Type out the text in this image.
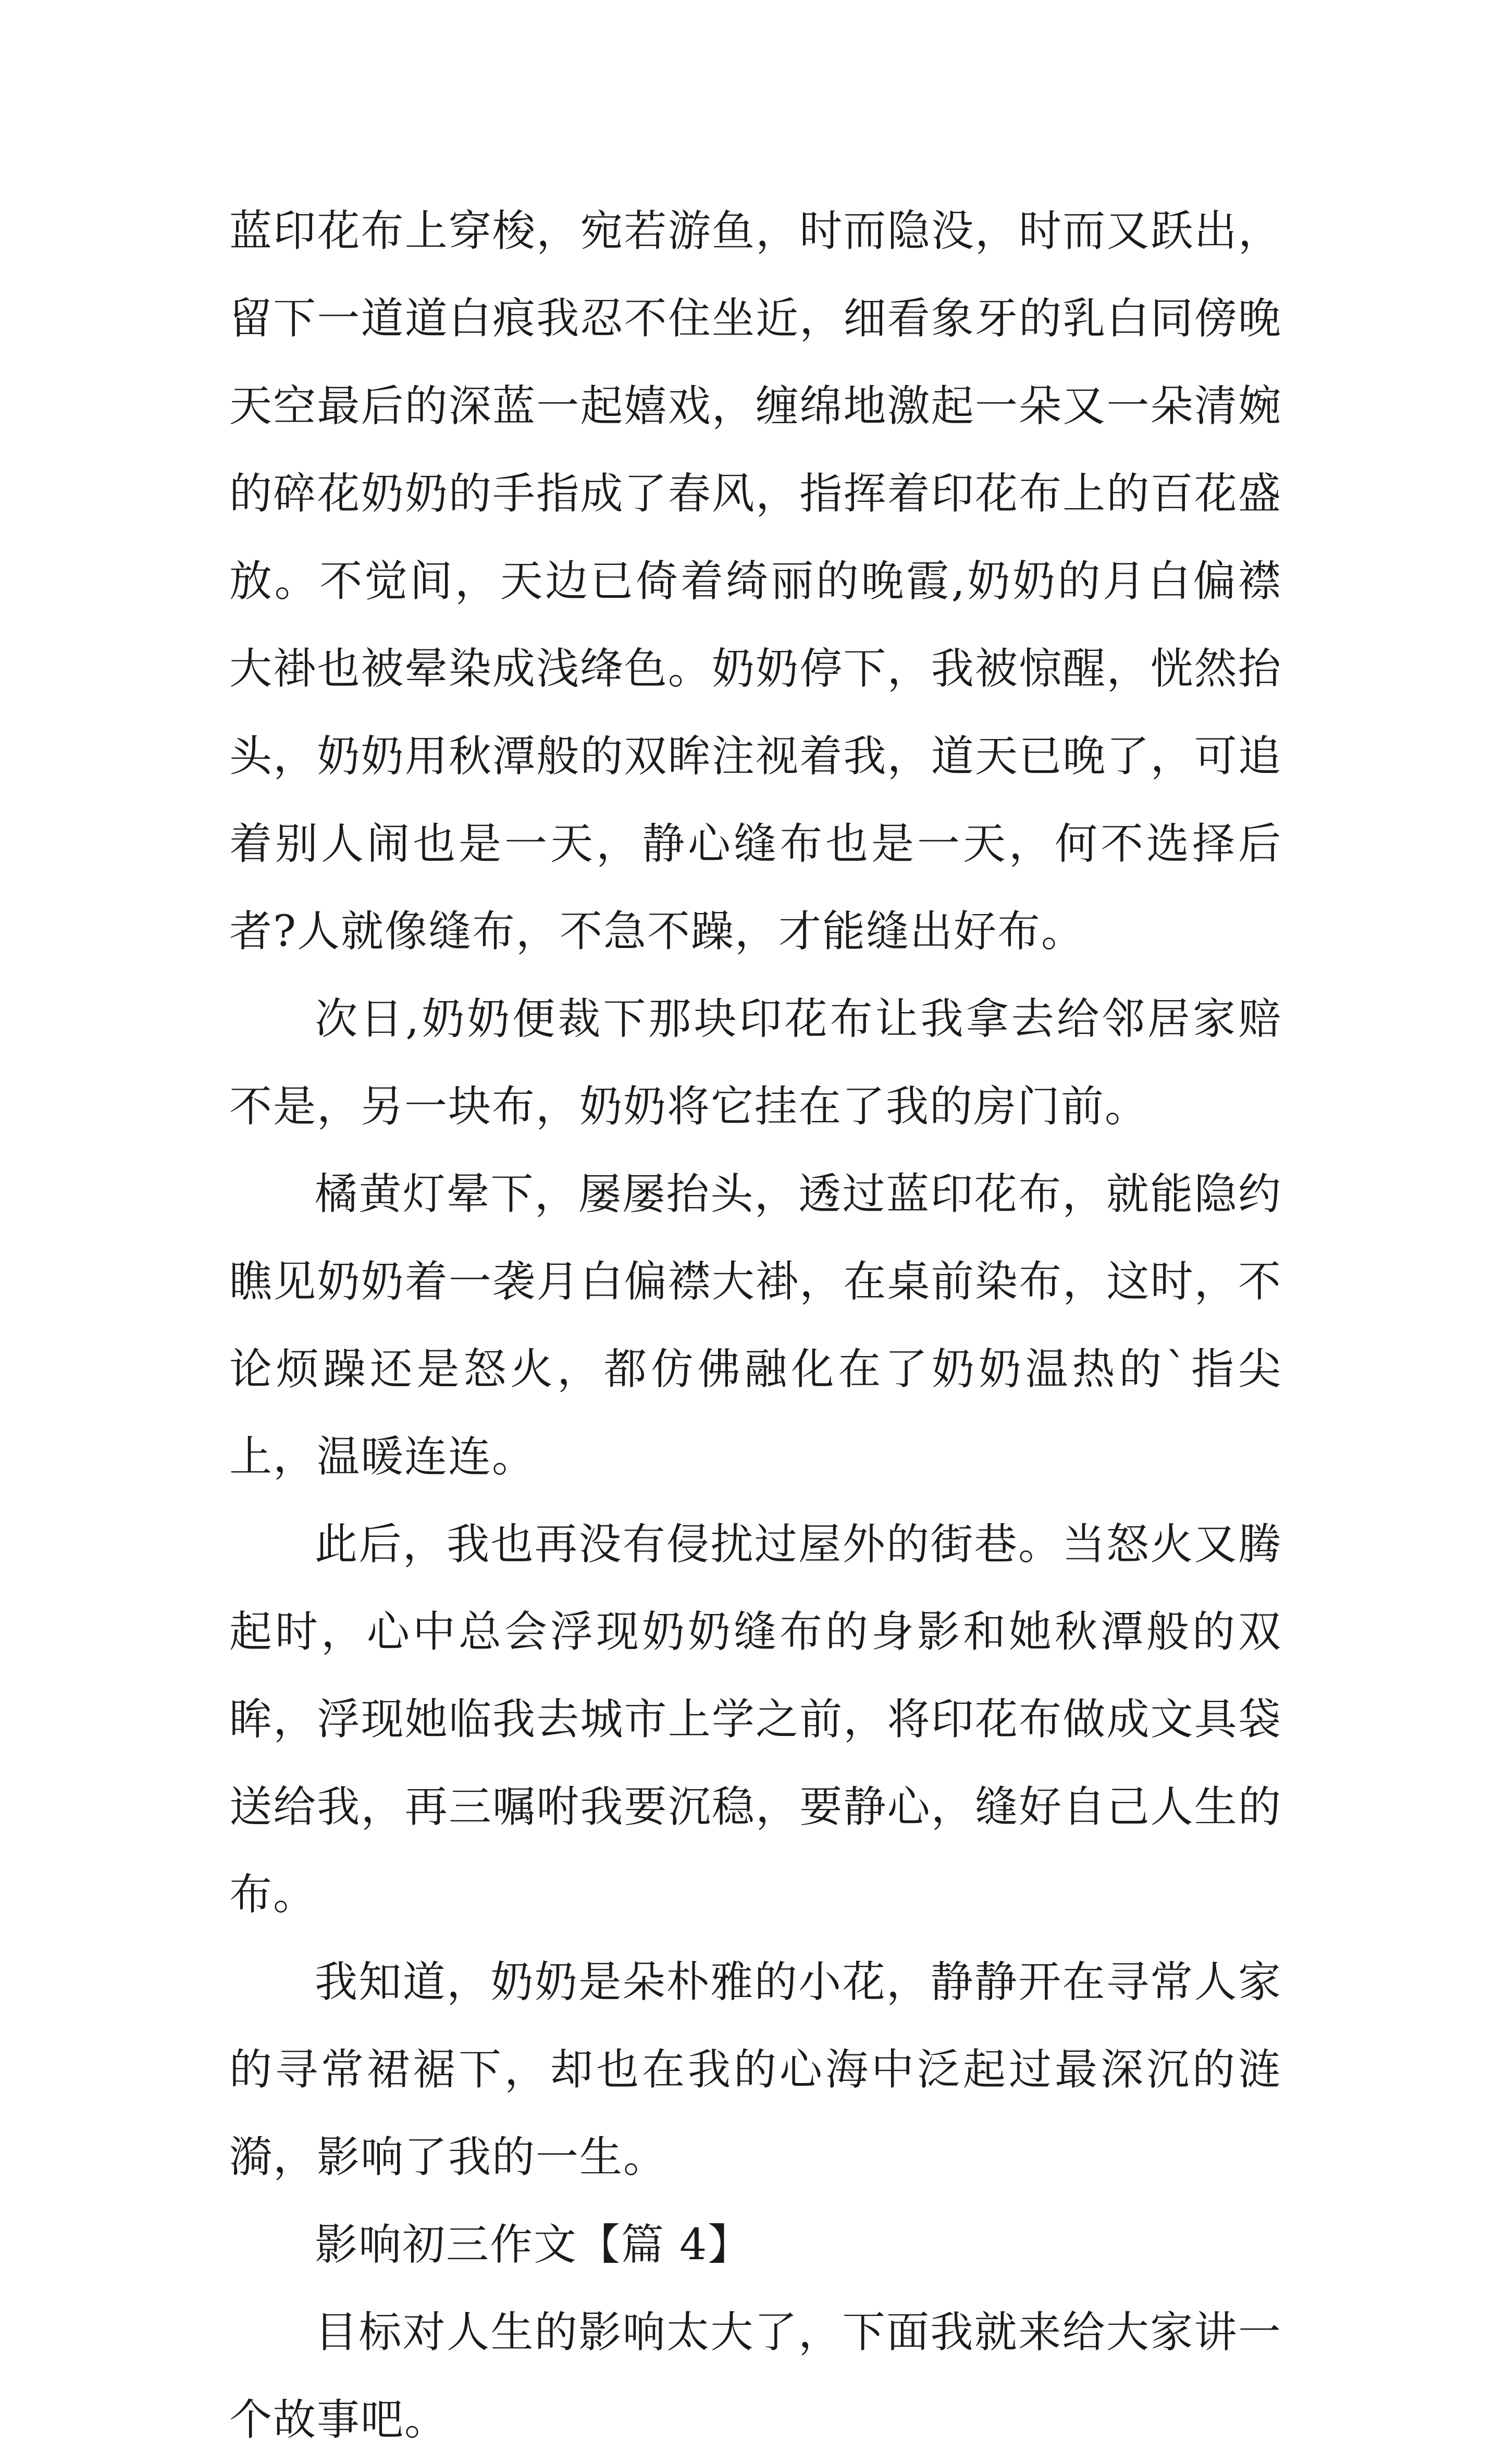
蓝印花布上穿梭，宛若游鱼，时而隐没，时而又跃出，留下一道道白痕我忍不住坐近，细看象牙的乳白同傍晚天空最后的深蓝一起嬉戏，缠绵地激起一朵又一朵清婉的碎花奶奶的手指成了春风，指挥着印花布上的百花盛放。不觉间，天边已倚着绮丽的晚霞,奶奶的月白偏襟大褂也被晕染成浅绛色。奶奶停下，我被惊醒，恍然抬头，奶奶用秋潭般的双眸注视着我，道天已晚了，可追着别人闹也是一天，静心缝布也是一天，何不选择后者?人就像缝布，不急不躁，才能缝出好布。

次日,奶奶便裁下那块印花布让我拿去给邻居家赔不是，另一块布，奶奶将它挂在了我的房门前。

橘黄灯晕下，屡屡抬头，透过蓝印花布，就能隐约瞧见奶奶着一袭月白偏襟大褂，在桌前染布，这时，不论烦躁还是怒火，都仿佛融化在了奶奶温热的`指尖上，温暖连连。

此后，我也再没有侵扰过屋外的街巷。当怒火又腾起时，心中总会浮现奶奶缝布的身影和她秋潭般的双眸，浮现她临我去城市上学之前，将印花布做成文具袋送给我，再三嘱咐我要沉稳，要静心，缝好自己人生的布。

我知道，奶奶是朵朴雅的小花，静静开在寻常人家的寻常裙裾下，却也在我的心海中泛起过最深沉的涟漪，影响了我的一生。

影响初三作文【篇 4】

目标对人生的影响太大了，下面我就来给大家讲一个故事吧。
